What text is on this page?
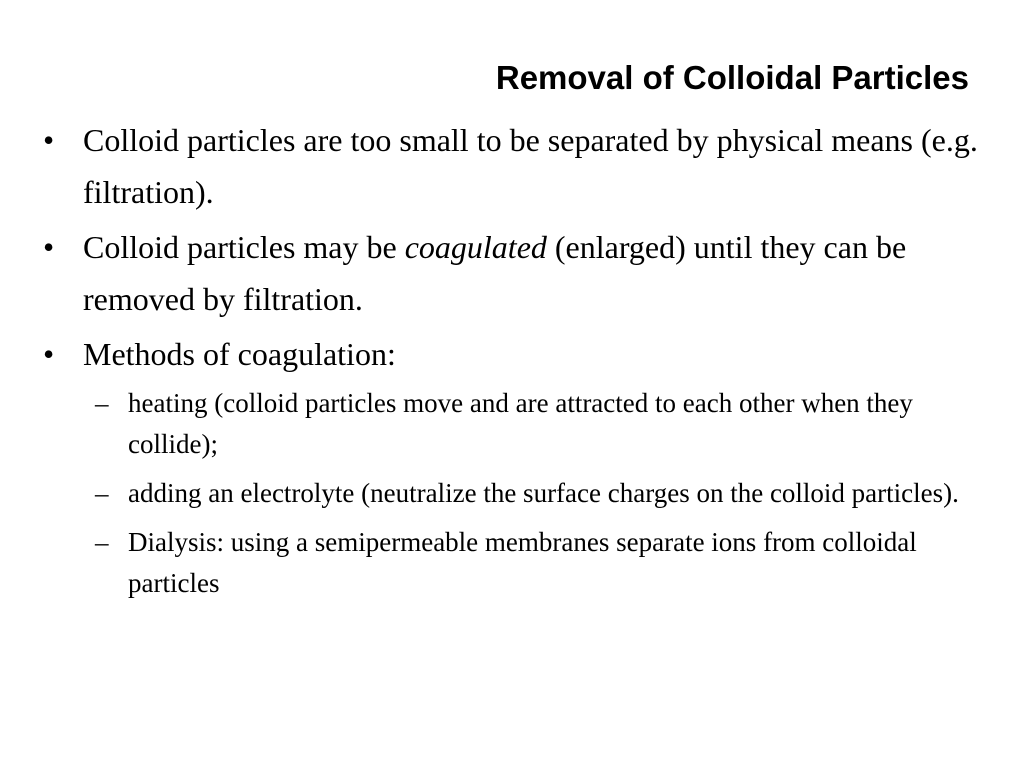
Removal of Colloidal Particles
• Colloid particles are too small to be separated by physical means (e.g. filtration).
• Colloid particles may be coagulated (enlarged) until they can be removed by filtration.
• Methods of coagulation:
– heating (colloid particles move and are attracted to each other when they collide);
– adding an electrolyte (neutralize the surface charges on the colloid particles).
– Dialysis: using a semipermeable membranes separate ions from colloidal particles
